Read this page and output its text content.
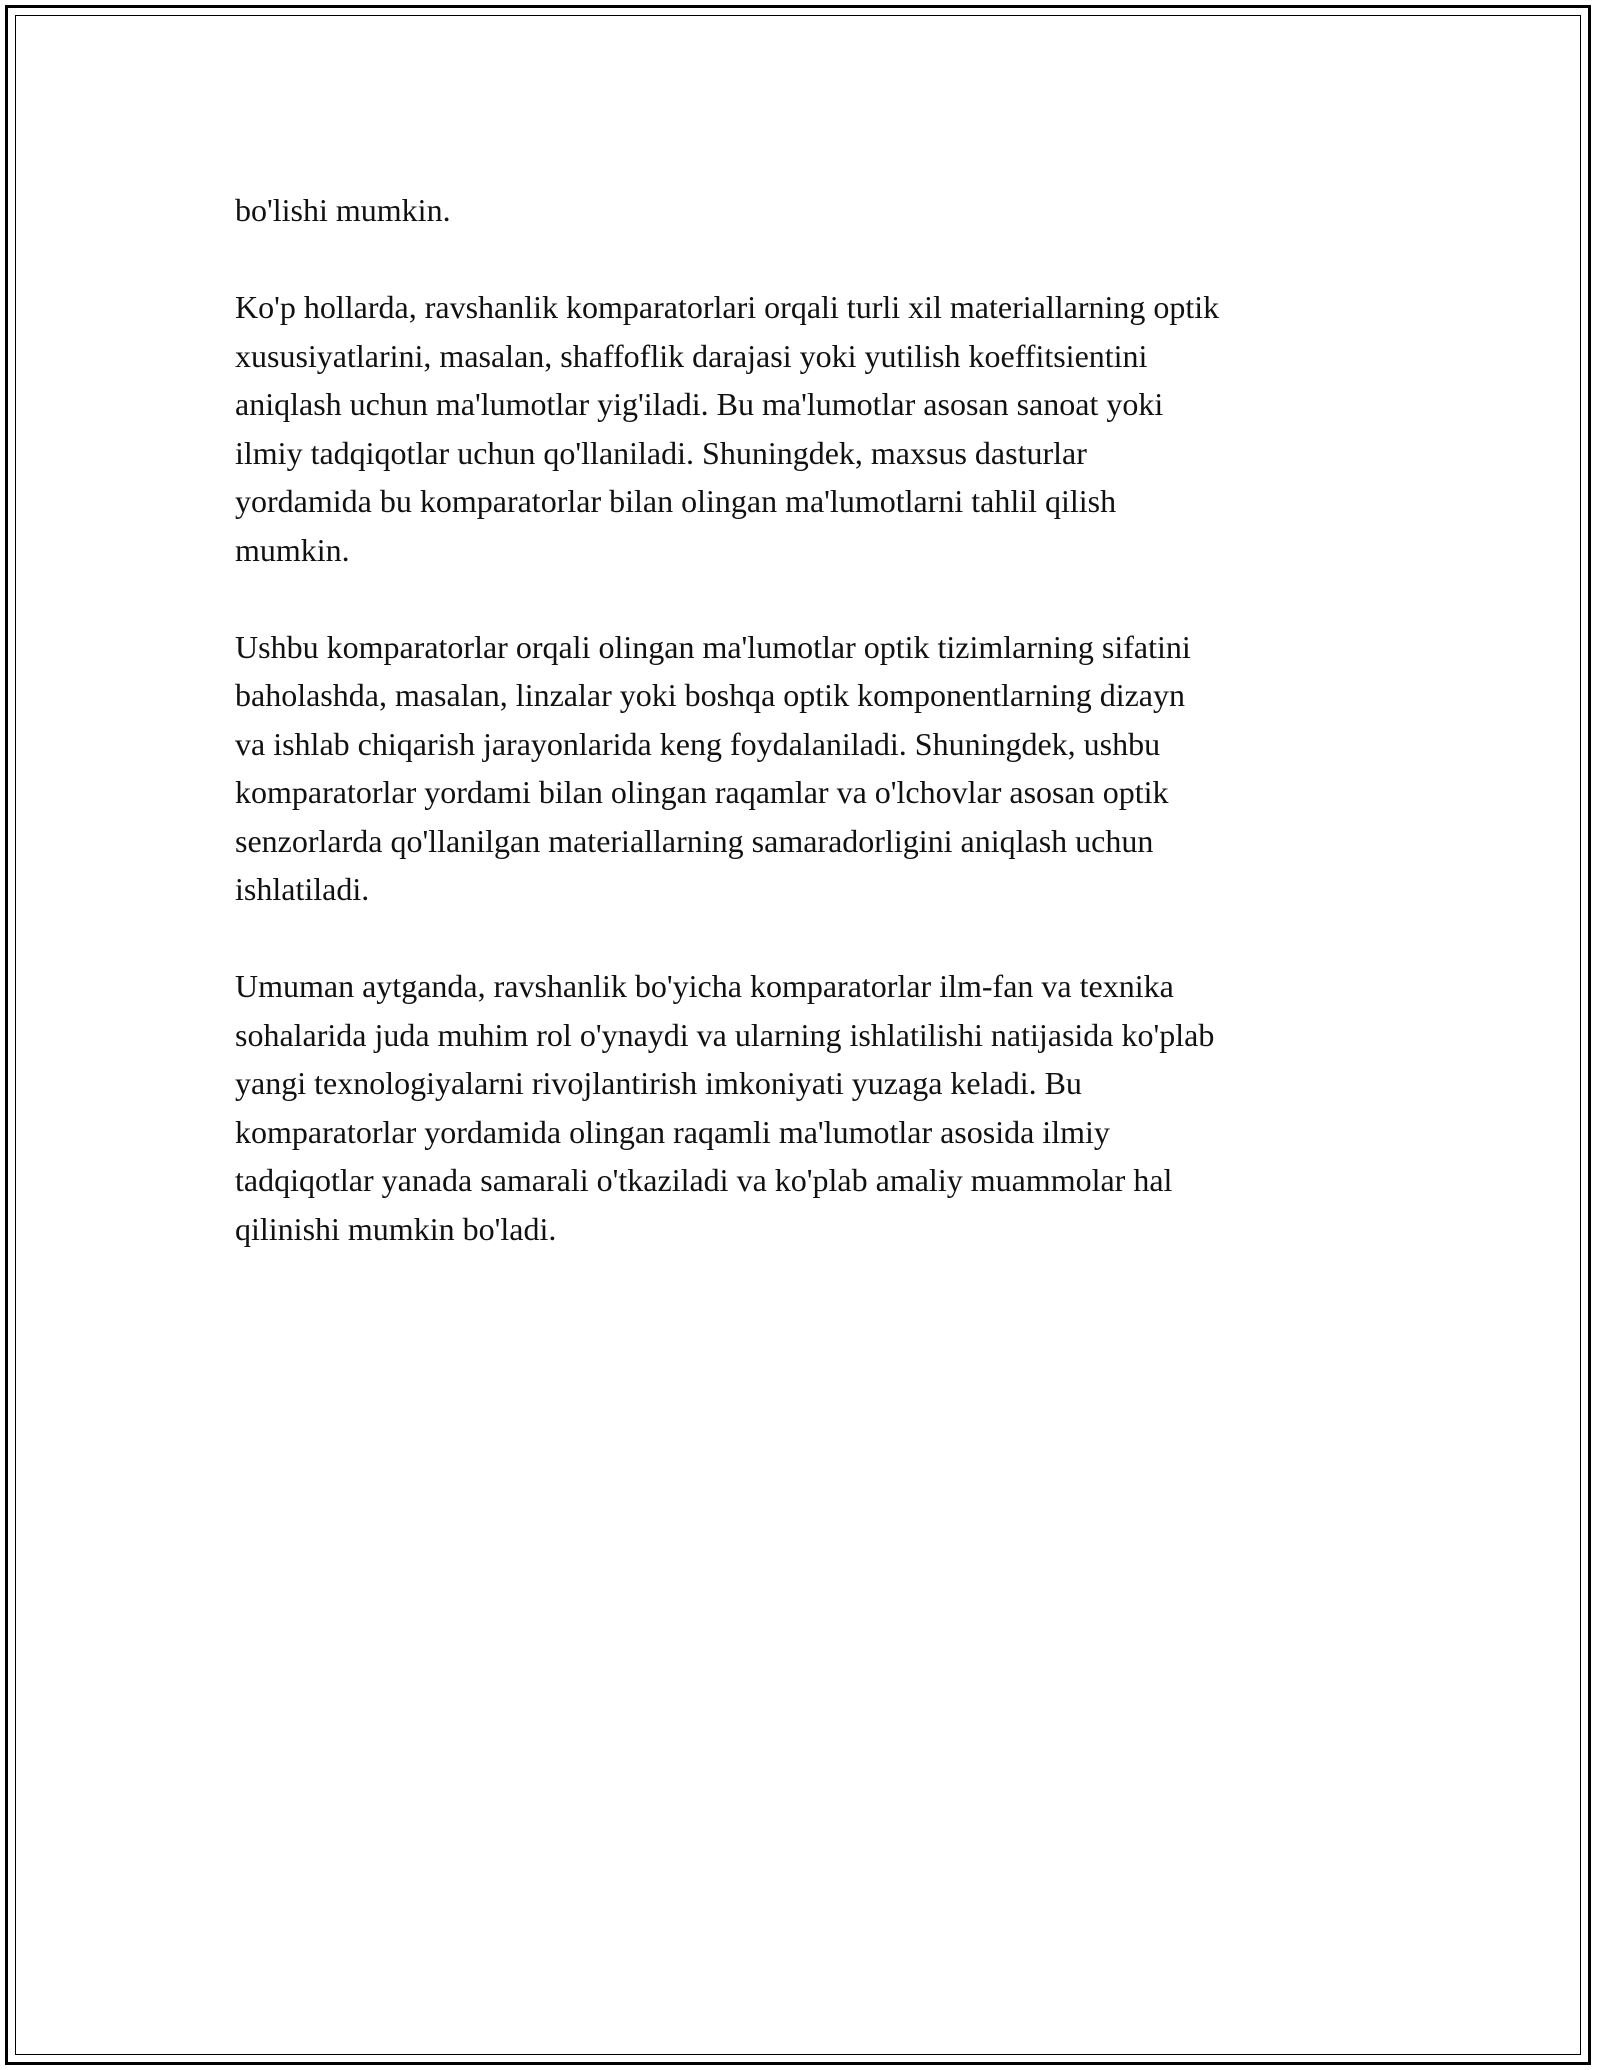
bo'lishi mumkin.

Ko'p hollarda, ravshanlik komparatorlari orqali turli xil materiallarning optik
xususiyatlarini, masalan, shaffoflik darajasi yoki yutilish koeffitsientini
aniqlash uchun ma'lumotlar yig'iladi. Bu ma'lumotlar asosan sanoat yoki
ilmiy tadqiqotlar uchun qo'llaniladi. Shuningdek, maxsus dasturlar
yordamida bu komparatorlar bilan olingan ma'lumotlarni tahlil qilish
mumkin.

Ushbu komparatorlar orqali olingan ma'lumotlar optik tizimlarning sifatini
baholashda, masalan, linzalar yoki boshqa optik komponentlarning dizayn
va ishlab chiqarish jarayonlarida keng foydalaniladi. Shuningdek, ushbu
komparatorlar yordami bilan olingan raqamlar va o'lchovlar asosan optik
senzorlarda qo'llanilgan materiallarning samaradorligini aniqlash uchun
ishlatiladi.

Umuman aytganda, ravshanlik bo'yicha komparatorlar ilm-fan va texnika
sohalarida juda muhim rol o'ynaydi va ularning ishlatilishi natijasida ko'plab
yangi texnologiyalarni rivojlantirish imkoniyati yuzaga keladi. Bu
komparatorlar yordamida olingan raqamli ma'lumotlar asosida ilmiy
tadqiqotlar yanada samarali o'tkaziladi va ko'plab amaliy muammolar hal
qilinishi mumkin bo'ladi.
